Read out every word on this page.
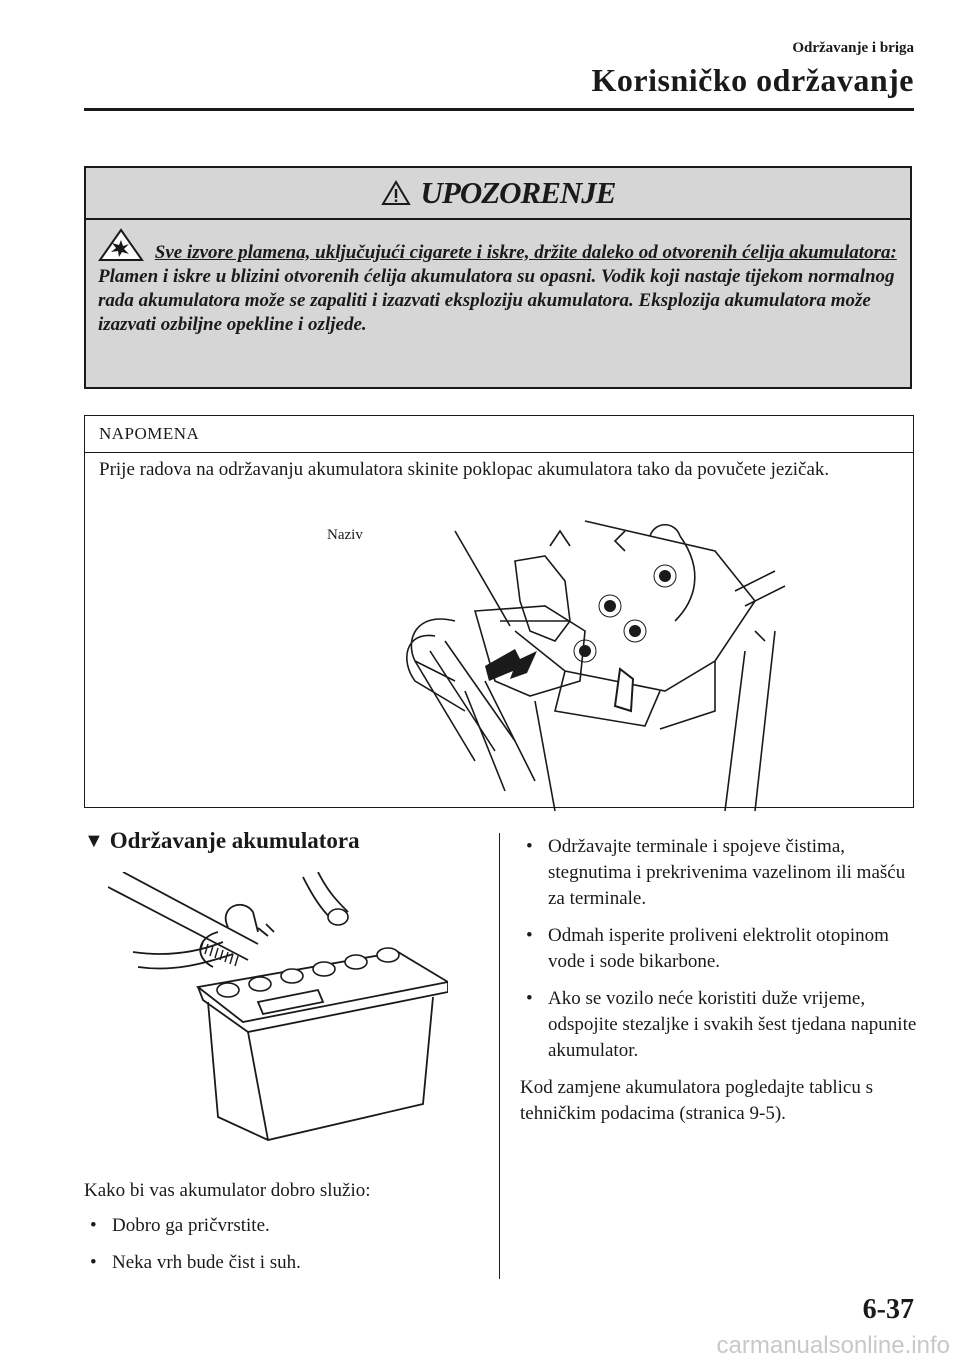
Održavanje i briga
Korisničko održavanje
UPOZORENJE
Sve izvore plamena, uključujući cigarete i iskre, držite daleko od otvorenih ćelija akumulatora:
Plamen i iskre u blizini otvorenih ćelija akumulatora su opasni. Vodik koji nastaje tijekom normalnog rada akumulatora može se zapaliti i izazvati eksploziju akumulatora. Eksplozija akumulatora može izazvati ozbiljne opekline i ozljede.
NAPOMENA
Prije radova na održavanju akumulatora skinite poklopac akumulatora tako da povučete jezičak.
Naziv
▼ Održavanje akumulatora
Kako bi vas akumulator dobro služio:
• Dobro ga pričvrstite.
• Neka vrh bude čist i suh.
• Održavajte terminale i spojeve čistima, stegnutima i prekrivenima vazelinom ili mašću za terminale.
• Odmah isperite proliveni elektrolit otopinom vode i sode bikarbone.
• Ako se vozilo neće koristiti duže vrijeme, odspojite stezaljke i svakih šest tjedana napunite akumulator.
Kod zamjene akumulatora pogledajte tablicu s tehničkim podacima (stranica 9-5).
6-37
carmanualsonline.info
